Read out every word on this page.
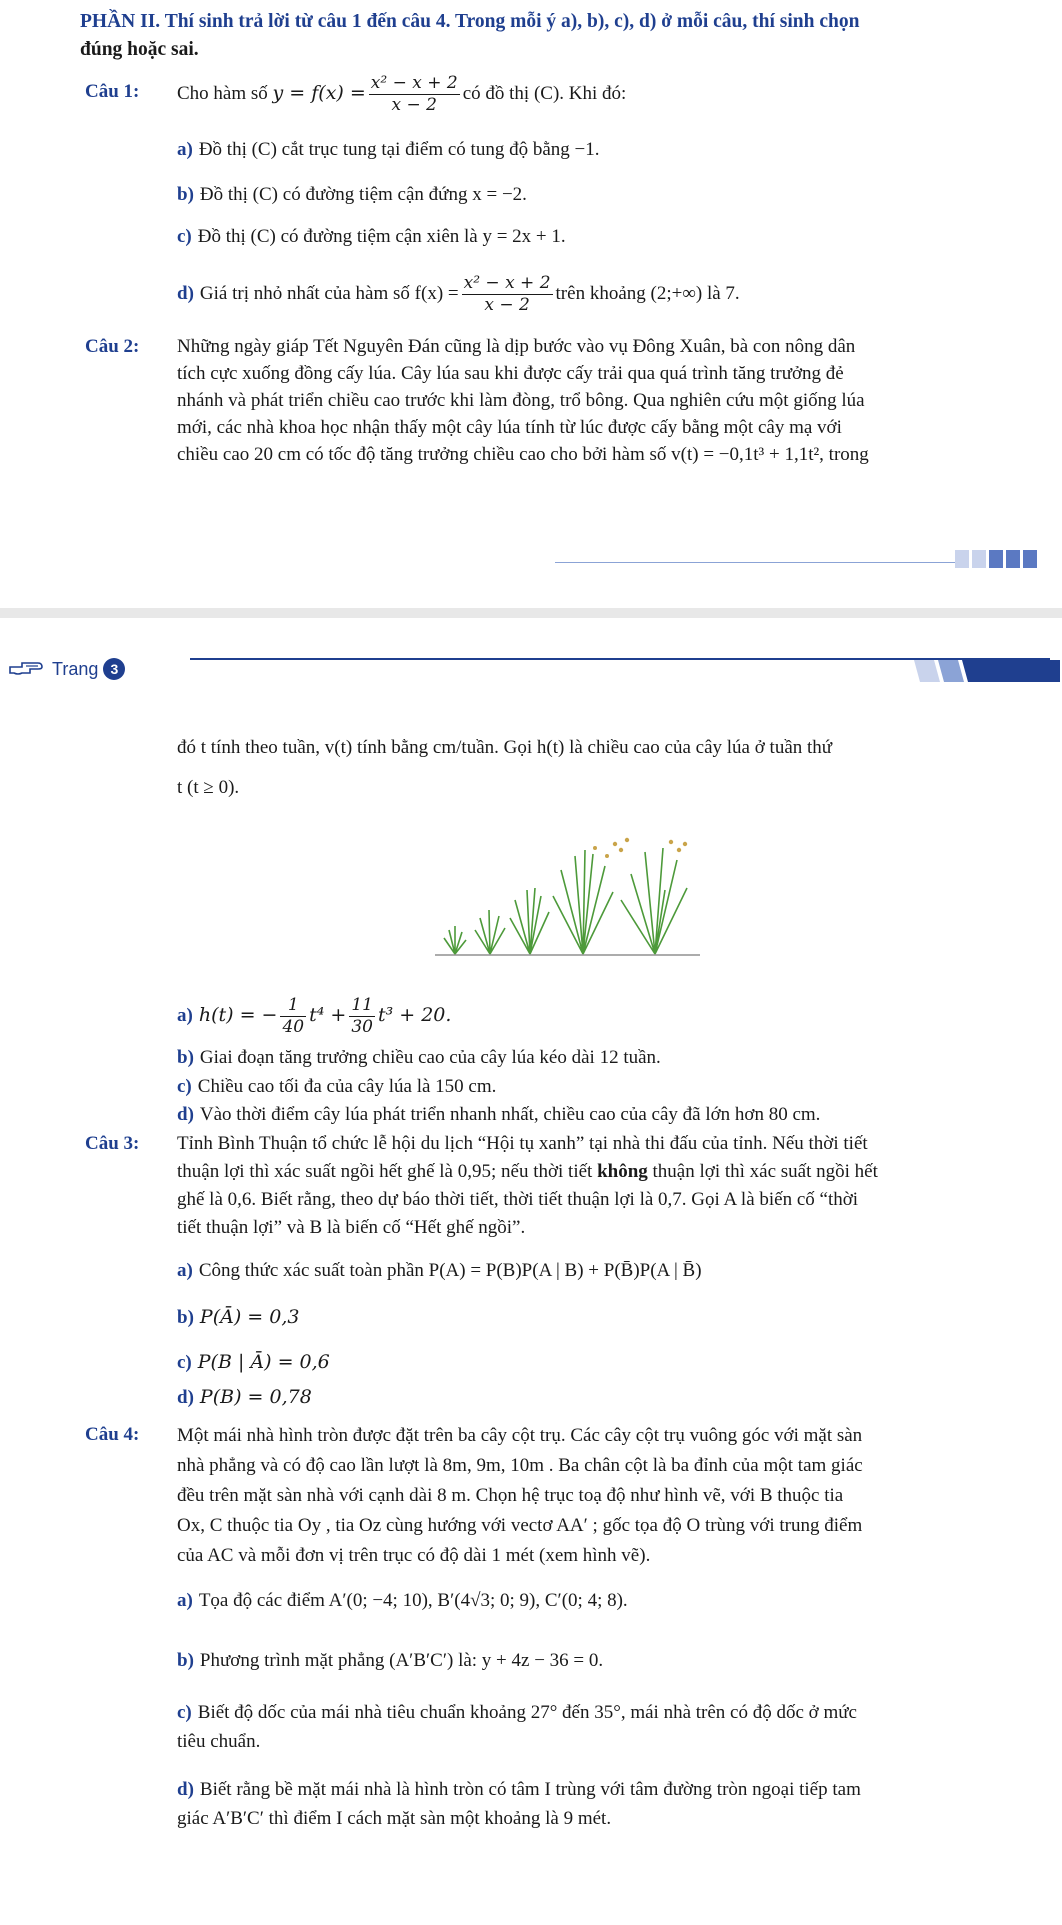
PHẦN II. Thí sinh trả lời từ câu 1 đến câu 4. Trong mỗi ý a), b), c), d) ở mỗi câu, thí sinh chọn
đúng hoặc sai.
Câu 1: Cho hàm số
$y = f(x) = \frac{\text{x² − x + 2}}{x - 2}$ có đồ thị (C). Khi đó:
a) Đồ thị (C) cắt trục tung tại điểm có tung độ bằng −1.
b) Đồ thị (C) có đường tiệm cận đứng x = −2.
c) Đồ thị (C) có đường tiệm cận xiên là y = 2x + 1.
d) Giá trị nhỏ nhất của hàm số $f(x) = \frac{\text{x² − x + 2}}{x - 2}$ trên khoảng (2;+∞) là 7.
Câu 2: Những ngày giáp Tết Nguyên Đán cũng là dịp bước vào vụ Đông Xuân, bà con nông dân
tích cực xuống đồng cấy lúa. Cây lúa sau khi được cấy trải qua quá trình tăng trưởng đẻ
nhánh và phát triển chiều cao trước khi làm đòng, trổ bông. Qua nghiên cứu một giống lúa
mới, các nhà khoa học nhận thấy một cây lúa tính từ lúc được cấy bằng một cây mạ với
chiều cao 20 cm có tốc độ tăng trưởng chiều cao cho bởi hàm số v(t) = −0,1t³ + 1,1t², trong
Trang 3
đó t tính theo tuần, v(t) tính bằng cm/tuần. Gọi h(t) là chiều cao của cây lúa ở tuần thứ
t (t ≥ 0).
a) h(t) = − $\frac{1}{40} t^4 + \frac{11}{30} t^3 + 20$.
b) Giai đoạn tăng trưởng chiều cao của cây lúa kéo dài 12 tuần.
c) Chiều cao tối đa của cây lúa là 150 cm.
d) Vào thời điểm cây lúa phát triển nhanh nhất, chiều cao của cây đã lớn hơn 80 cm.
Câu 3: Tỉnh Bình Thuận tổ chức lễ hội du lịch “Hội tụ xanh” tại nhà thi đấu của tỉnh. Nếu thời tiết
thuận lợi thì xác suất ngồi hết ghế là 0,95; nếu thời tiết không thuận lợi thì xác suất ngồi hết
ghế là 0,6. Biết rằng, theo dự báo thời tiết, thời tiết thuận lợi là 0,7. Gọi A là biến cố “thời
tiết thuận lợi” và B là biến cố “Hết ghế ngồi”.
a) Công thức xác suất toàn phần P(A) = P(B)P(A | B) + P(B̄)P(A | B̄)
b) P(Ā) = 0,3
c) P(B | Ā) = 0,6
d) P(B) = 0,78
Câu 4: Một mái nhà hình tròn được đặt trên ba cây cột trụ. Các cây cột trụ vuông góc với mặt sàn
nhà phẳng và có độ cao lần lượt là 8m, 9m, 10m . Ba chân cột là ba đỉnh của một tam giác
đều trên mặt sàn nhà với cạnh dài 8 m. Chọn hệ trục toạ độ như hình vẽ, với B thuộc tia
Ox, C thuộc tia Oy , tia Oz cùng hướng với vectơ AA′ ; gốc tọa độ O trùng với trung điểm
của AC và mỗi đơn vị trên trục có độ dài 1 mét (xem hình vẽ).
a) Tọa độ các điểm A′(0; −4; 10), B′(4√3; 0; 9), C′(0; 4; 8).
b) Phương trình mặt phẳng (A′B′C′) là: y + 4z − 36 = 0.
c) Biết độ dốc của mái nhà tiêu chuẩn khoảng 27° đến 35°, mái nhà trên có độ dốc ở mức
tiêu chuẩn.
d) Biết rằng bề mặt mái nhà là hình tròn có tâm I trùng với tâm đường tròn ngoại tiếp tam
giác A′B′C′ thì điểm I cách mặt sàn một khoảng là 9 mét.
